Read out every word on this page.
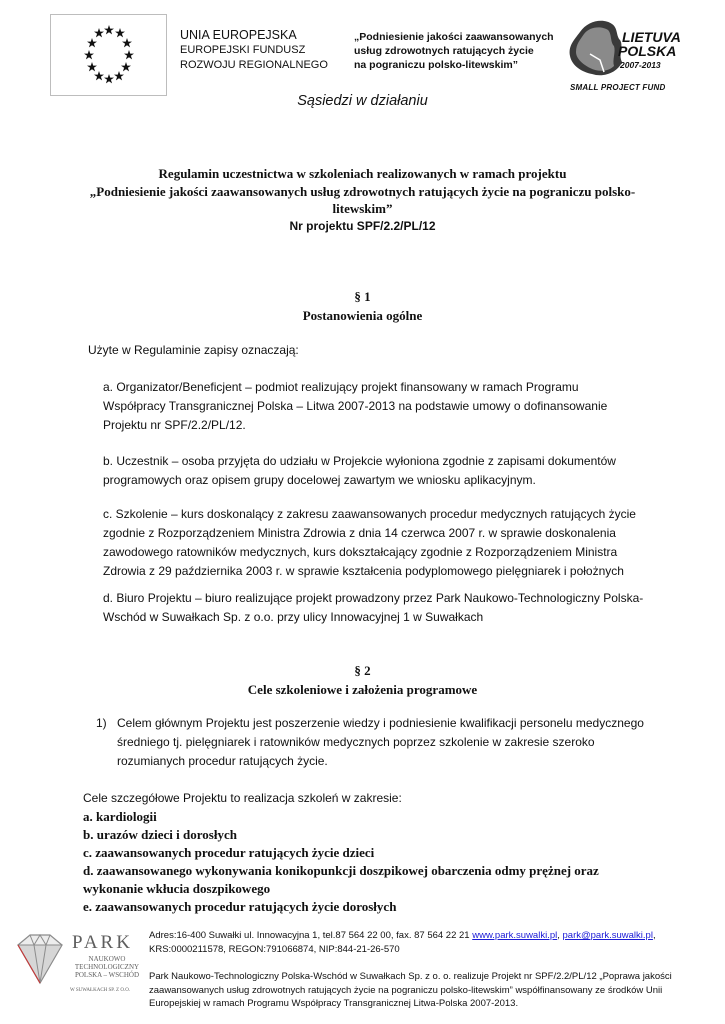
UNIA EUROPEJSKA
EUROPEJSKI FUNDUSZ
ROZWOJU REGIONALNEGO
„Podniesienie jakości zaawansowanych
usług zdrowotnych ratujących życie
na pograniczu polsko-litewskim”
LIETUVA
POLSKA
2007-2013
SMALL PROJECT FUND
Sąsiedzi w działaniu
Regulamin uczestnictwa w szkoleniach realizowanych w ramach projektu
„Podniesienie jakości zaawansowanych usług zdrowotnych ratujących życie na pograniczu polsko-
litewskim”
Nr projektu SPF/2.2/PL/12
§ 1
Postanowienia ogólne
Użyte w Regulaminie zapisy oznaczają:
a. Organizator/Beneficjent – podmiot realizujący projekt finansowany w ramach Programu
Współpracy Transgranicznej Polska – Litwa 2007-2013 na podstawie umowy o dofinansowanie
Projektu nr SPF/2.2/PL/12.
b. Uczestnik – osoba przyjęta do udziału w Projekcie wyłoniona zgodnie z zapisami dokumentów
programowych oraz opisem grupy docelowej zawartym we wniosku aplikacyjnym.
c. Szkolenie – kurs doskonalący z zakresu zaawansowanych procedur medycznych ratujących życie
zgodnie z Rozporządzeniem Ministra Zdrowia z dnia 14 czerwca 2007 r. w sprawie doskonalenia
zawodowego ratowników medycznych, kurs dokształcający zgodnie z Rozporządzeniem Ministra
Zdrowia z 29 października 2003 r. w sprawie kształcenia podyplomowego pielęgniarek i położnych
d. Biuro Projektu – biuro realizujące projekt prowadzony przez Park Naukowo-Technologiczny Polska-
Wschód w Suwałkach Sp. z o.o. przy ulicy Innowacyjnej 1 w Suwałkach
§ 2
Cele szkoleniowe i założenia programowe
1) Celem głównym Projektu jest poszerzenie wiedzy i podniesienie kwalifikacji personelu medycznego
średniego tj. pielęgniarek i ratowników medycznych poprzez szkolenie w zakresie szeroko
rozumianych procedur ratujących życie.
Cele szczegółowe Projektu to realizacja szkoleń w zakresie:
a. kardiologii
b. urazów dzieci i dorosłych
c. zaawansowanych procedur ratujących życie dzieci
d. zaawansowanego wykonywania konikopunkcji doszpikowej obarczenia odmy prężnej oraz
wykonanie wkłucia doszpikowego
e. zaawansowanych procedur ratujących życie dorosłych
PARK
NAUKOWO
TECHNOLOGICZNY
POLSKA – WSCHÓD
W SUWAŁKACH SP. Z O.O.
Adres:16-400 Suwałki ul. Innowacyjna 1, tel.87 564 22 00, fax. 87 564 22 21 www.park.suwalki.pl, park@park.suwalki.pl,
KRS:0000211578, REGON:791066874, NIP:844-21-26-570
Park Naukowo-Technologiczny Polska-Wschód w Suwałkach Sp. z o. o. realizuje Projekt nr SPF/2.2/PL/12 „Poprawa jakości
zaawansowanych usług zdrowotnych ratujących życie na pograniczu polsko-litewskim” współfinansowany ze środków Unii
Europejskiej w ramach Programu Współpracy Transgranicznej Litwa-Polska 2007-2013.
